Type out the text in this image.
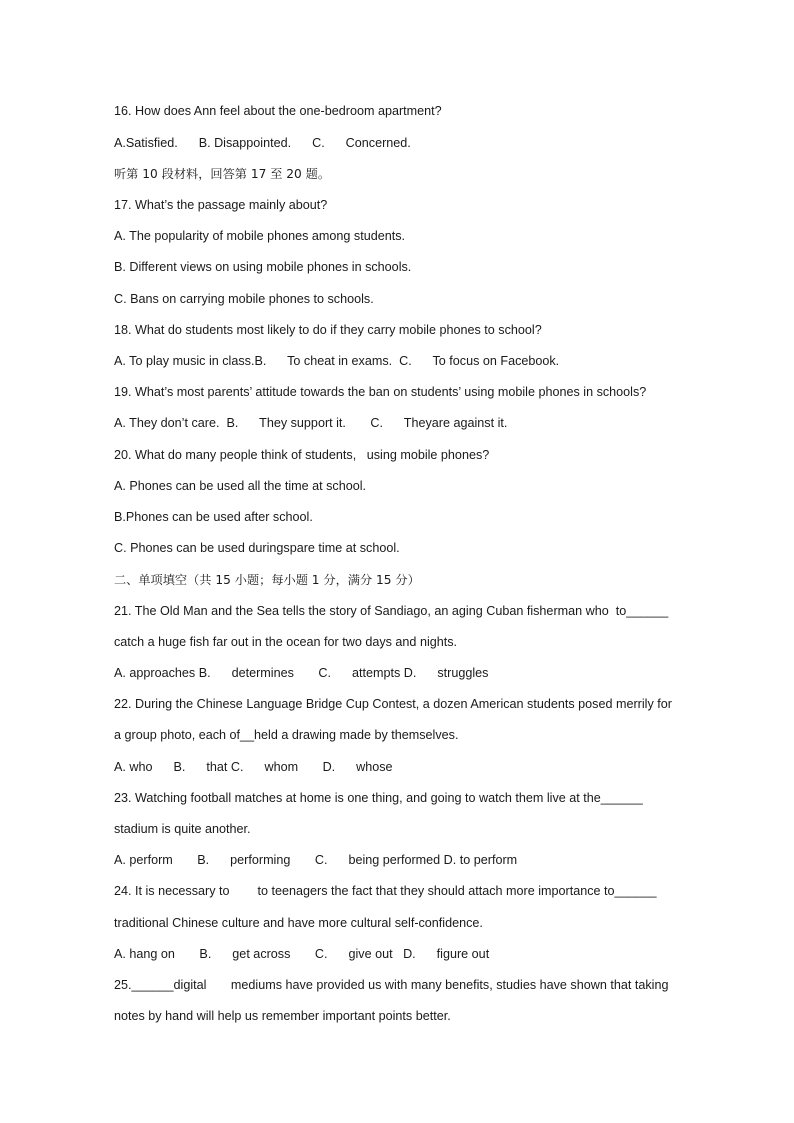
16. How does Ann feel about the one-bedroom apartment?
A.Satisfied.      B. Disappointed.      C.      Concerned.
听第 10 段材料，回答第 17 至 20 题。
17. What’s the passage mainly about?
A. The popularity of mobile phones among students.
B. Different views on using mobile phones in schools.
C. Bans on carrying mobile phones to schools.
18. What do students most likely to do if they carry mobile phones to school?
A. To play music in class.B.      To cheat in exams.  C.      To focus on Facebook.
19. What’s most parents’ attitude towards the ban on students’ using mobile phones in schools?
A. They don’t care.  B.      They support it.       C.      Theyare against it.
20. What do many people think of students,   using mobile phones?
A. Phones can be used all the time at school.
B.Phones can be used after school.
C. Phones can be used duringspare time at school.
二、单项填空（共 15 小题；每小题 1 分，满分 15 分）
21. The Old Man and the Sea tells the story of Sandiago, an aging Cuban fisherman who  to______
catch a huge fish far out in the ocean for two days and nights.
A. approaches B.      determines       C.      attempts D.      struggles
22. During the Chinese Language Bridge Cup Contest, a dozen American students posed merrily for
a group photo, each of__held a drawing made by themselves.
A. who      B.      that C.      whom       D.      whose
23. Watching football matches at home is one thing, and going to watch them live at the______
stadium is quite another.
A. perform       B.      performing       C.      being performed D. to perform
24. It is necessary to        to teenagers the fact that they should attach more importance to______
traditional Chinese culture and have more cultural self-confidence.
A. hang on       B.      get across       C.      give out   D.      figure out
25.______digital       mediums have provided us with many benefits, studies have shown that taking
notes by hand will help us remember important points better.
